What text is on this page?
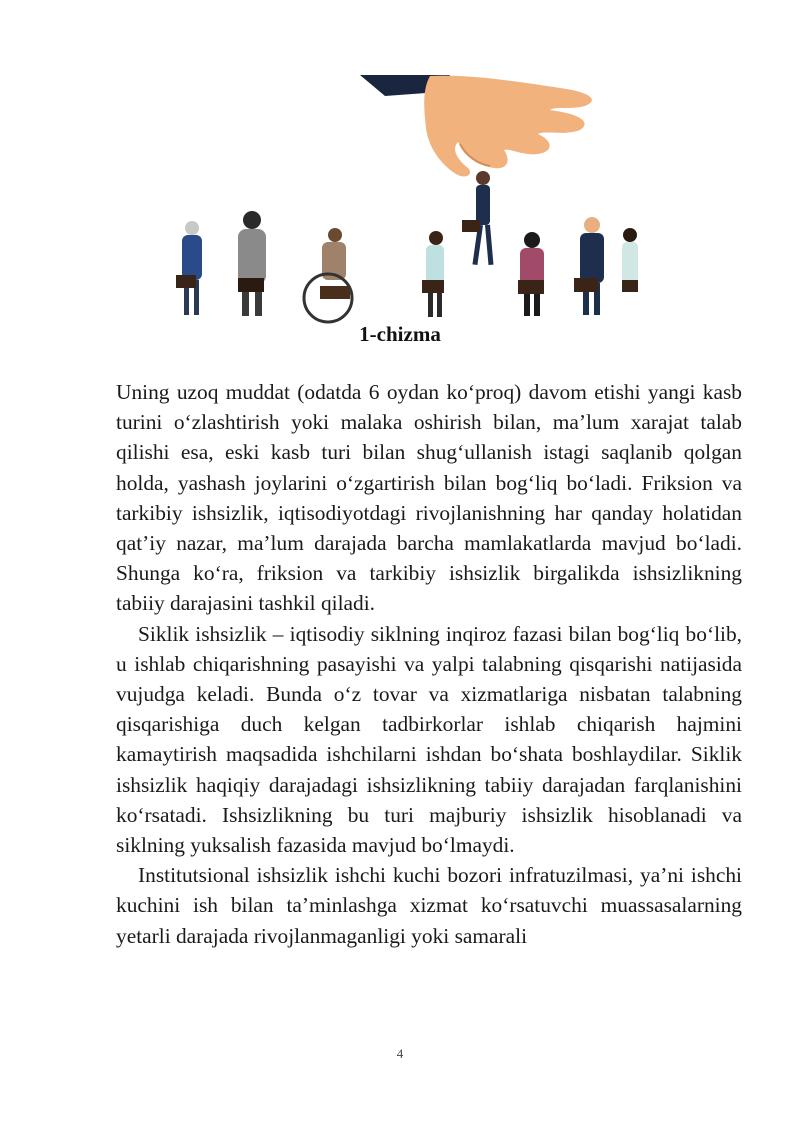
1-chizma

Uning uzoq muddat (odatda 6 oydan ko‘proq) davom etishi yangi kasb turini o‘zlashtirish yoki malaka oshirish bilan, ma’lum xarajat talab qilishi esa, eski kasb turi bilan shug‘ullanish istagi saqlanib qolgan holda, yashash joylarini o‘zgartirish bilan bog‘liq bo‘ladi. Friksion va tarkibiy ishsizlik, iqtisodiyotdagi rivojlanishning har qanday holatidan qat’iy nazar, ma’lum darajada barcha mamlakatlarda mavjud bo‘ladi. Shunga ko‘ra, friksion va tarkibiy ishsizlik birgalikda ishsizlikning tabiiy darajasini tashkil qiladi.

Siklik ishsizlik – iqtisodiy siklning inqiroz fazasi bilan bog‘liq bo‘lib, u ishlab chiqarishning pasayishi va yalpi talabning qisqarishi natijasida vujudga keladi. Bunda o‘z tovar va xizmatlariga nisbatan talabning qisqarishiga duch kelgan tadbirkorlar ishlab chiqarish hajmini kamaytirish maqsadida ishchilarni ishdan bo‘shata boshlaydilar. Siklik ishsizlik haqiqiy darajadagi ishsizlikning tabiiy darajadan farqlanishini ko‘rsatadi. Ishsizlikning bu turi majburiy ishsizlik hisoblanadi va siklning yuksalish fazasida mavjud bo‘lmaydi.

Institutsional ishsizlik ishchi kuchi bozori infratuzilmasi, ya’ni ishchi kuchini ish bilan ta’minlashga xizmat ko‘rsatuvchi muassasalarning yetarli darajada rivojlanmaganligi yoki samarali

4
